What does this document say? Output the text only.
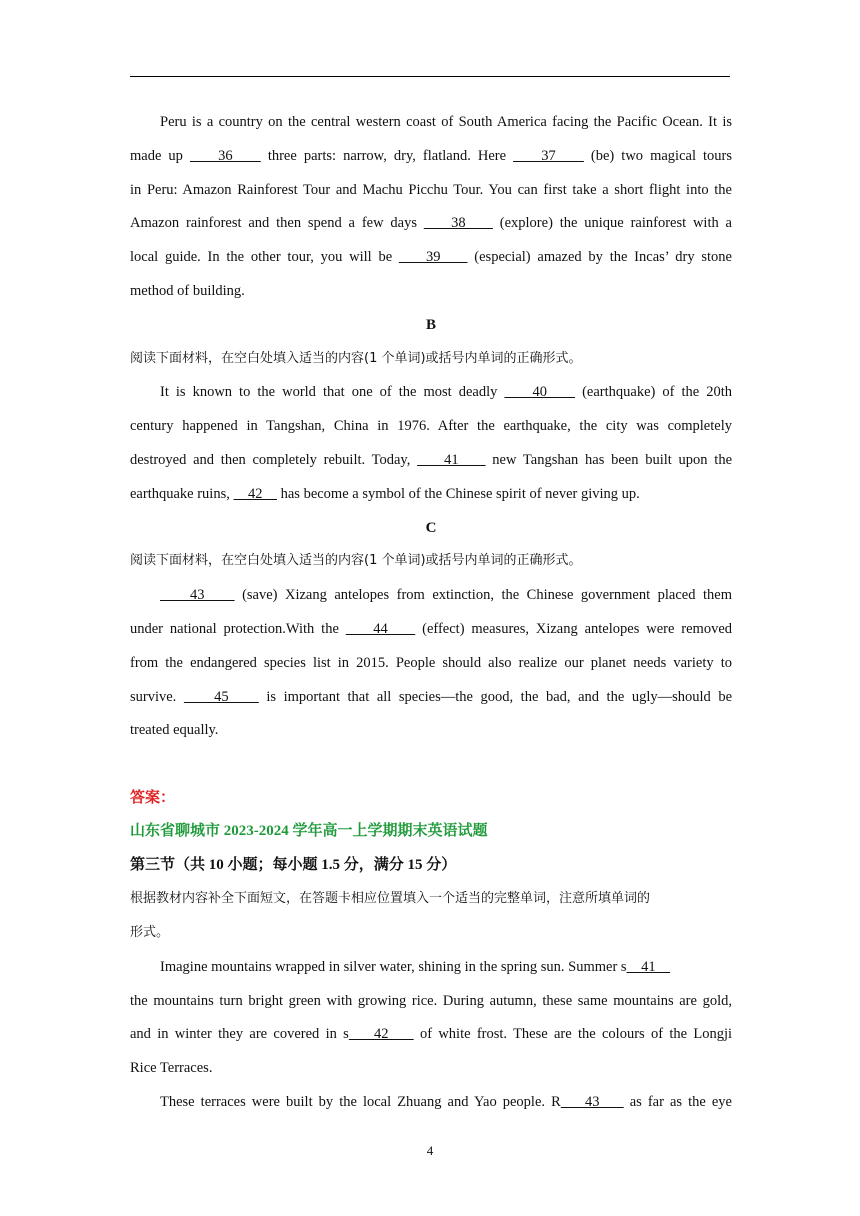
Peru is a country on the central western coast of South America facing the Pacific Ocean. It is
made up     36     three parts: narrow, dry, flatland. Here     37     (be) two magical tours
in Peru: Amazon Rainforest Tour and Machu Picchu Tour. You can first take a short flight into the
Amazon rainforest and then spend a few days     38     (explore) the unique rainforest with a
local guide. In the other tour, you will be     39     (especial) amazed by the Incas’ dry stone
method of building.
B
阅读下面材料，在空白处填入适当的内容(1 个单词)或括号内单词的正确形式。
It is known to the world that one of the most deadly     40     (earthquake) of the 20th
century happened in Tangshan, China in 1976. After the earthquake, the city was completely
destroyed and then completely rebuilt. Today,     41     new Tangshan has been built upon the
earthquake ruins,     42     has become a symbol of the Chinese spirit of never giving up.
C
阅读下面材料，在空白处填入适当的内容(1 个单词)或括号内单词的正确形式。
43     (save) Xizang antelopes from extinction, the Chinese government placed them
under national protection.With the     44     (effect) measures, Xizang antelopes were removed
from the endangered species list in 2015. People should also realize our planet needs variety to
survive.     45     is important that all species—the good, the bad, and the ugly—should be
treated equally.
答案：
山东省聊城市 2023-2024 学年高一上学期期末英语试题
第三节（共 10 小题；每小题 1.5 分，满分 15 分）
根据教材内容补全下面短文，在答题卡相应位置填入一个适当的完整单词，注意所填单词的
形式。
Imagine mountains wrapped in silver water, shining in the spring sun. Summer s    41
the mountains turn bright green with growing rice. During autumn, these same mountains are gold,
and in winter they are covered in s    42     of white frost. These are the colours of the Longji
Rice Terraces.
These terraces were built by the local Zhuang and Yao people. R    43     as far as the eye
4
